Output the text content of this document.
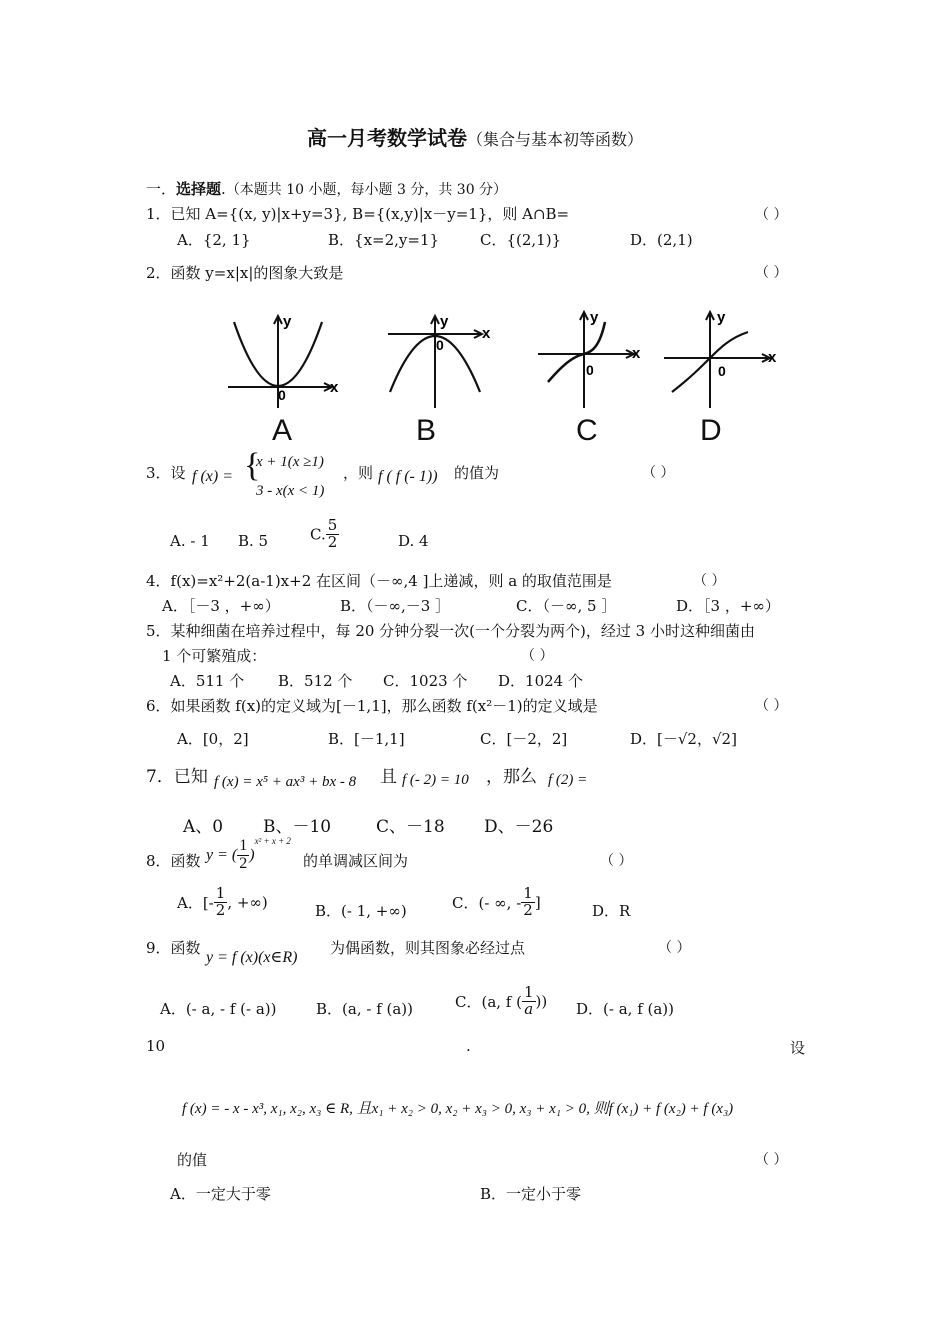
高一月考数学试卷（集合与基本初等函数）
一．选择题.（本题共 10 小题，每小题 3 分，共 30 分）
1．已知 A={(x, y)|x+y=3}, B={(x,y)|x－y=1}，则 A∩B=	（ ）
A．{2, 1}	B．{x=2,y=1}	C．{(2,1)}	D．(2,1)
2．函数 y=x|x|的图象大致是	（ ）
y
x
0
y
x
0
y
x
0
y
x
0
A	B	C	D
3．设 f (x) = {
x + 1(x ≥1)
3 - x(x < 1)
，则 f ( f (- 1)) 的值为	（ ）
A. - 1 B. 5	C. $\frac{5}{2}$	D. 4
4．f(x)=x²+2(a-1)x+2 在区间（－∞,4 ]上递减，则 a 的取值范围是	（ ）
A．［－3 ，+∞）	B．（－∞,－3 ］	C．（－∞, 5 ］	D．［3 ，+∞）
5．某种细菌在培养过程中，每 20 分钟分裂一次(一个分裂为两个)，经过 3 小时这种细菌由
1 个可繁殖成：	（ ）
A．511 个 B．512 个 C．1023 个 D．1024 个
6．如果函数 f(x)的定义域为[－1,1]，那么函数 f(x²－1)的定义域是	（ ）
A．[0，2]	B．[－1,1]	C．[－2，2]	D．[－√2，√2]
7．已知 f (x) = x⁵ + ax³ + bx - 8 且 f (- 2) = 10 ，那么 f (2) =
A、0 B、－10	C、－18 D、－26
8．函数 y = ( $\frac{1}{2} )^{x^2 + x + 2}$
的单调减区间为	（ ）
A．[- $\frac{1}{2}$ , +∞)	B．(- 1, +∞)	C．(- ∞, - $\frac{1}{2}$ ]	D．R
9．函数
y = f (x)(x∈R)
为偶函数，则其图象必经过点	（ ）
A．(- a, - f (- a))	B．(a, - f (a))	C．(a, f ( $\frac{1}{a}$ )) D．(- a, f (a))
10	.	设
f (x) = - x - x³, x₁, x₂, x₃ ∈ R, 且x₁ + x₂ > 0, x₂ + x₃ > 0, x₃ + x₁ > 0, 则f (x₁) + f (x₂) + f (x₃)
的值	（ ）
A．一定大于零	B．一定小于零
